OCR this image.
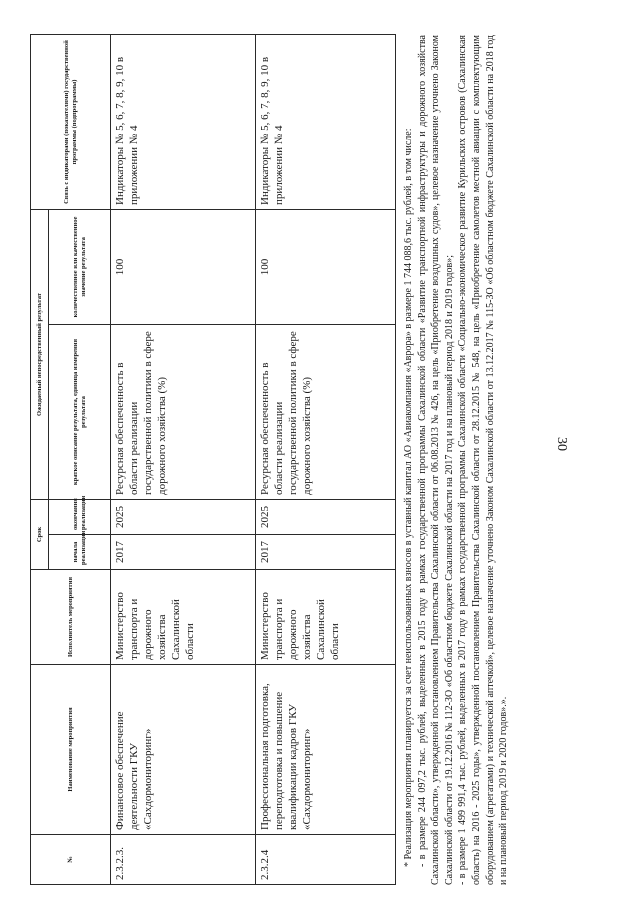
30
№	Наименование мероприятия	Исполнитель мероприятия	Срок		Ожидаемый непосредственный результат		Связь с индикаторами (показателями) государственной программы (подпрограммы)
			начала реализации	окончания реализации	краткое описание результата, единица измерения результата	количественное или качественное значение результата	
2.3.2.3.	Финансовое обеспечение деятельности ГКУ «Сахдормониторинг»	Министерство транспорта и дорожного хозяйства Сахалинской области	2017	2025	Ресурсная обеспеченность в области реализации государственной политики в сфере дорожного хозяйства (%)	100	Индикаторы № 5, 6, 7, 8, 9, 10 в приложении № 4
2.3.2.4	Профессиональная подготовка, переподготовка и повышение квалификации кадров ГКУ «Сахдормониторинг»	Министерство транспорта и дорожного хозяйства Сахалинской области	2017	2025	Ресурсная обеспеченность в области реализации государственной политики в сфере дорожного хозяйства (%)	100	Индикаторы № 5, 6, 7, 8, 9, 10 в приложении № 4	* Реализация мероприятия планируется за счет неиспользованных взносов в уставный капитал АО «Авиакомпания «Аврора» в размере 1 744 088,6 тыс. рублей, в том числе: - в размере 244 097,2 тыс. рублей, выделенных в 2015 году в рамках государственной программы Сахалинской области «Развитие транспортной инфраструктуры и дорожного хозяйства Сахалинской области», утвержденной постановлением Правительства Сахалинской области от 06.08.2013 № 426, на цель «Приобретение воздушных судов», целевое назначение уточнено Законом Сахалинской области от 19.12.2016 № 112-ЗО «Об областном бюджете Сахалинской области на 2017 год и на плановый период 2018 и 2019 годов»; - в размере 1 499 991,4 тыс. рублей, выделенных в 2017 году в рамках государственной программы Сахалинской области «Социально-экономическое развитие Курильских островов (Сахалинская область) на 2016 - 2025 годы», утвержденной постановлением Правительства Сахалинской области от 28.12.2015 № 548, на цель «Приобретение самолетов местной авиации с комплектующим оборудованием (агрегатами) и технической аптечкой», целевое назначение уточнено Законом Сахалинской области от 13.12.2017 № 115-ЗО «Об областном бюджете Сахалинской области на 2018 год и на плановый период 2019 и 2020 годов».».
